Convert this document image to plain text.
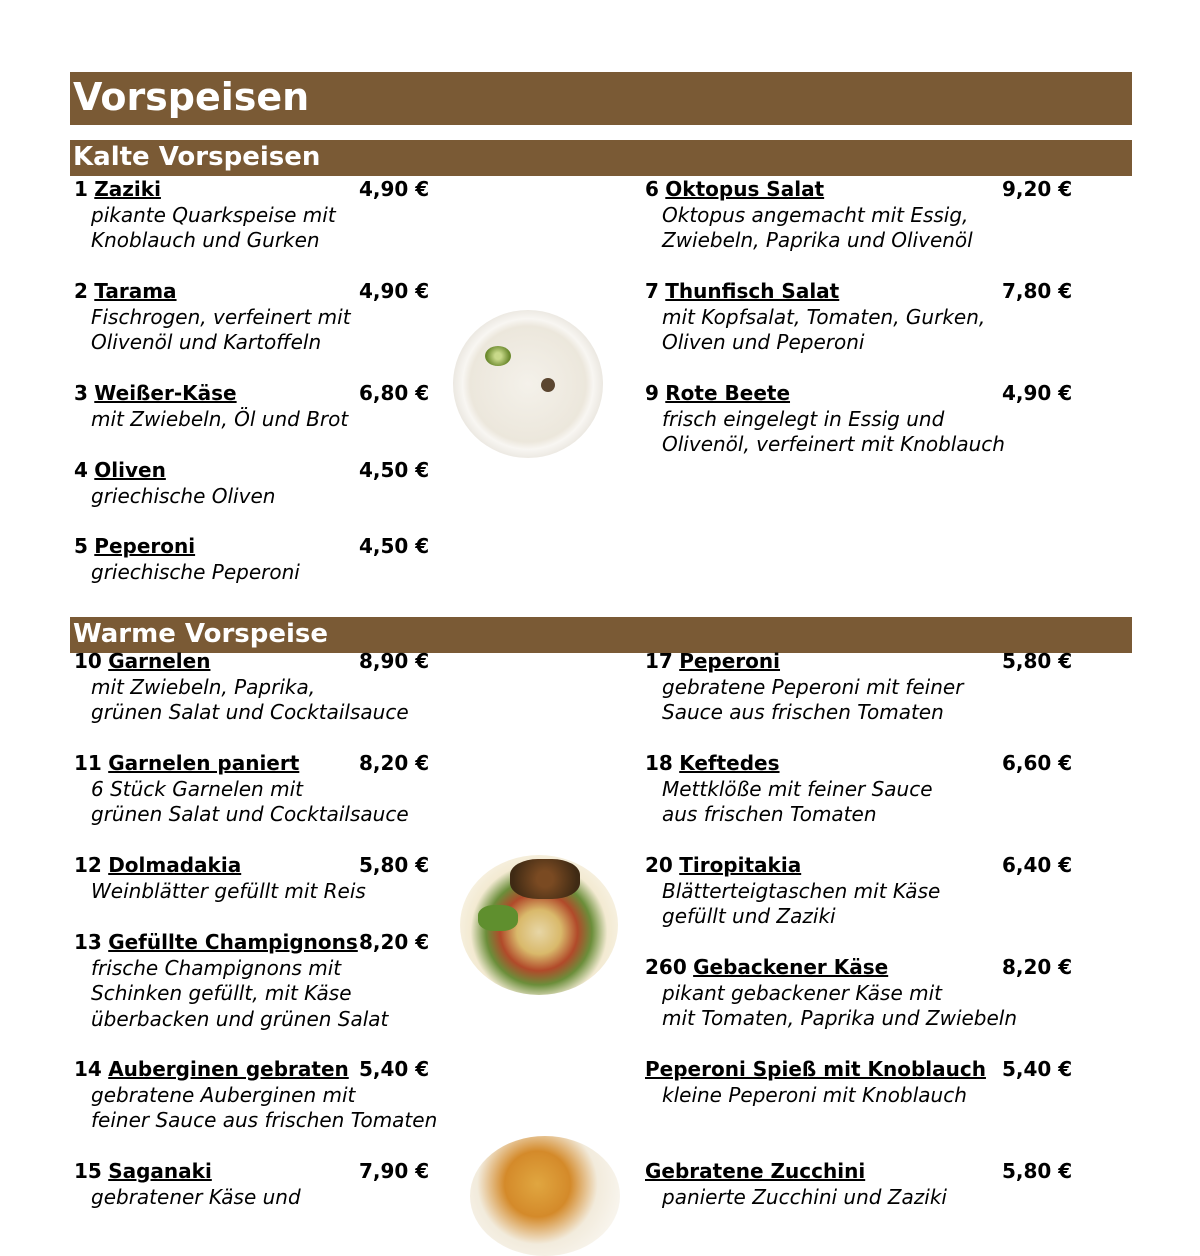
Vorspeisen
Kalte Vorspeisen
Warme Vorspeise
1 Zaziki	4,90 €
pikante Quarkspeise mit
Knoblauch und Gurken
2 Tarama	4,90 €
Fischrogen, verfeinert mit
Olivenöl und Kartoffeln
3 Weißer-Käse	6,80 €
mit Zwiebeln, Öl und Brot
4 Oliven	4,50 €
griechische Oliven
5 Peperoni	4,50 €
griechische Peperoni
6 Oktopus Salat	9,20 €
Oktopus angemacht mit Essig,
Zwiebeln, Paprika und Olivenöl
7 Thunfisch Salat	7,80 €
mit Kopfsalat, Tomaten, Gurken,
Oliven und Peperoni
9 Rote Beete	4,90 €
frisch eingelegt in Essig und
Olivenöl, verfeinert mit Knoblauch
10 Garnelen	8,90 €
mit Zwiebeln, Paprika,
grünen Salat und Cocktailsauce
11 Garnelen paniert	8,20 €
6 Stück Garnelen mit
grünen Salat und Cocktailsauce
12 Dolmadakia	5,80 €
Weinblätter gefüllt mit Reis
13 Gefüllte Champignons 8,20 €
frische Champignons mit
Schinken gefüllt, mit Käse
überbacken und grünen Salat
14 Auberginen gebraten 5,40 €
gebratene Auberginen mit
feiner Sauce aus frischen Tomaten
15 Saganaki	7,90 €
gebratener Käse und
17 Peperoni	5,80 €
gebratene Peperoni mit feiner
Sauce aus frischen Tomaten
18 Keftedes	6,60 €
Mettklöße mit feiner Sauce
aus frischen Tomaten
20 Tiropitakia	6,40 €
Blätterteigtaschen mit Käse
gefüllt und Zaziki
260 Gebackener Käse	8,20 €
pikant gebackener Käse mit
mit Tomaten, Paprika und Zwiebeln
Peperoni Spieß mit Knoblauch 5,40 €
kleine Peperoni mit Knoblauch
Gebratene Zucchini	5,80 €
panierte Zucchini und Zaziki
